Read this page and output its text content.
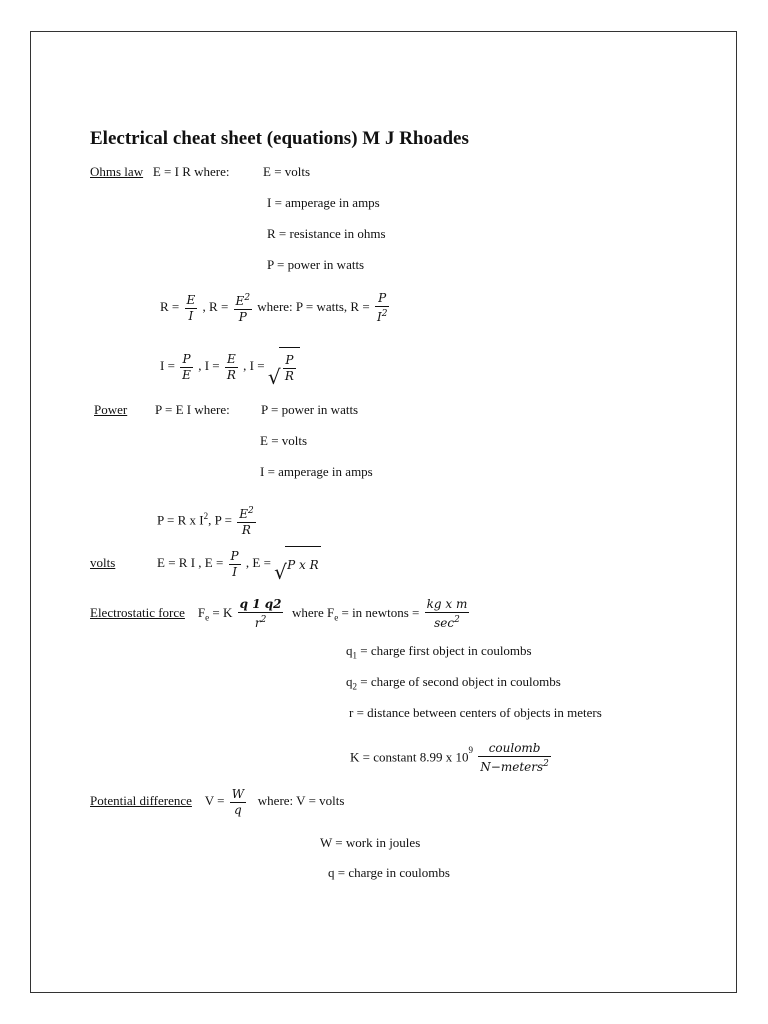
Electrical cheat sheet (equations) M J Rhoades
Ohms law E = I R where:	E = volts
I = amperage in amps
R = resistance in ohms
P = power in watts
$R = \frac{E}{I}$ , $R = \frac{E^2}{P}$ where: P = watts, $R = \frac{P}{I^2}$
$I = \frac{P}{E}$ , $I = \frac{E}{R}$ , I = √ $\frac{P}{R}$
Power P = E I where: P = power in watts
E = volts
I = amperage in amps
P = R x $I^2$, $P = \frac{E^2}{R}$
volts	E = R I , $E = \frac{P}{I}$ , E = √ P x R
Electrostatic force $F_e = K \frac{q 1 q2}{r^2}$ where $F_e$ = in newtons = $\frac{\text{kg x m}}{\sec^2}$
$q_1$ = charge first object in coulombs
$q_2$ = charge of second object in coulombs
r = distance between centers of objects in meters
K = constant 8.99 x $10^9 \frac{\text{coulomb}}{N-meters^2}$
Potential difference $V = \frac{W}{q}$ where: V = volts
W = work in joules
q = charge in coulombs
